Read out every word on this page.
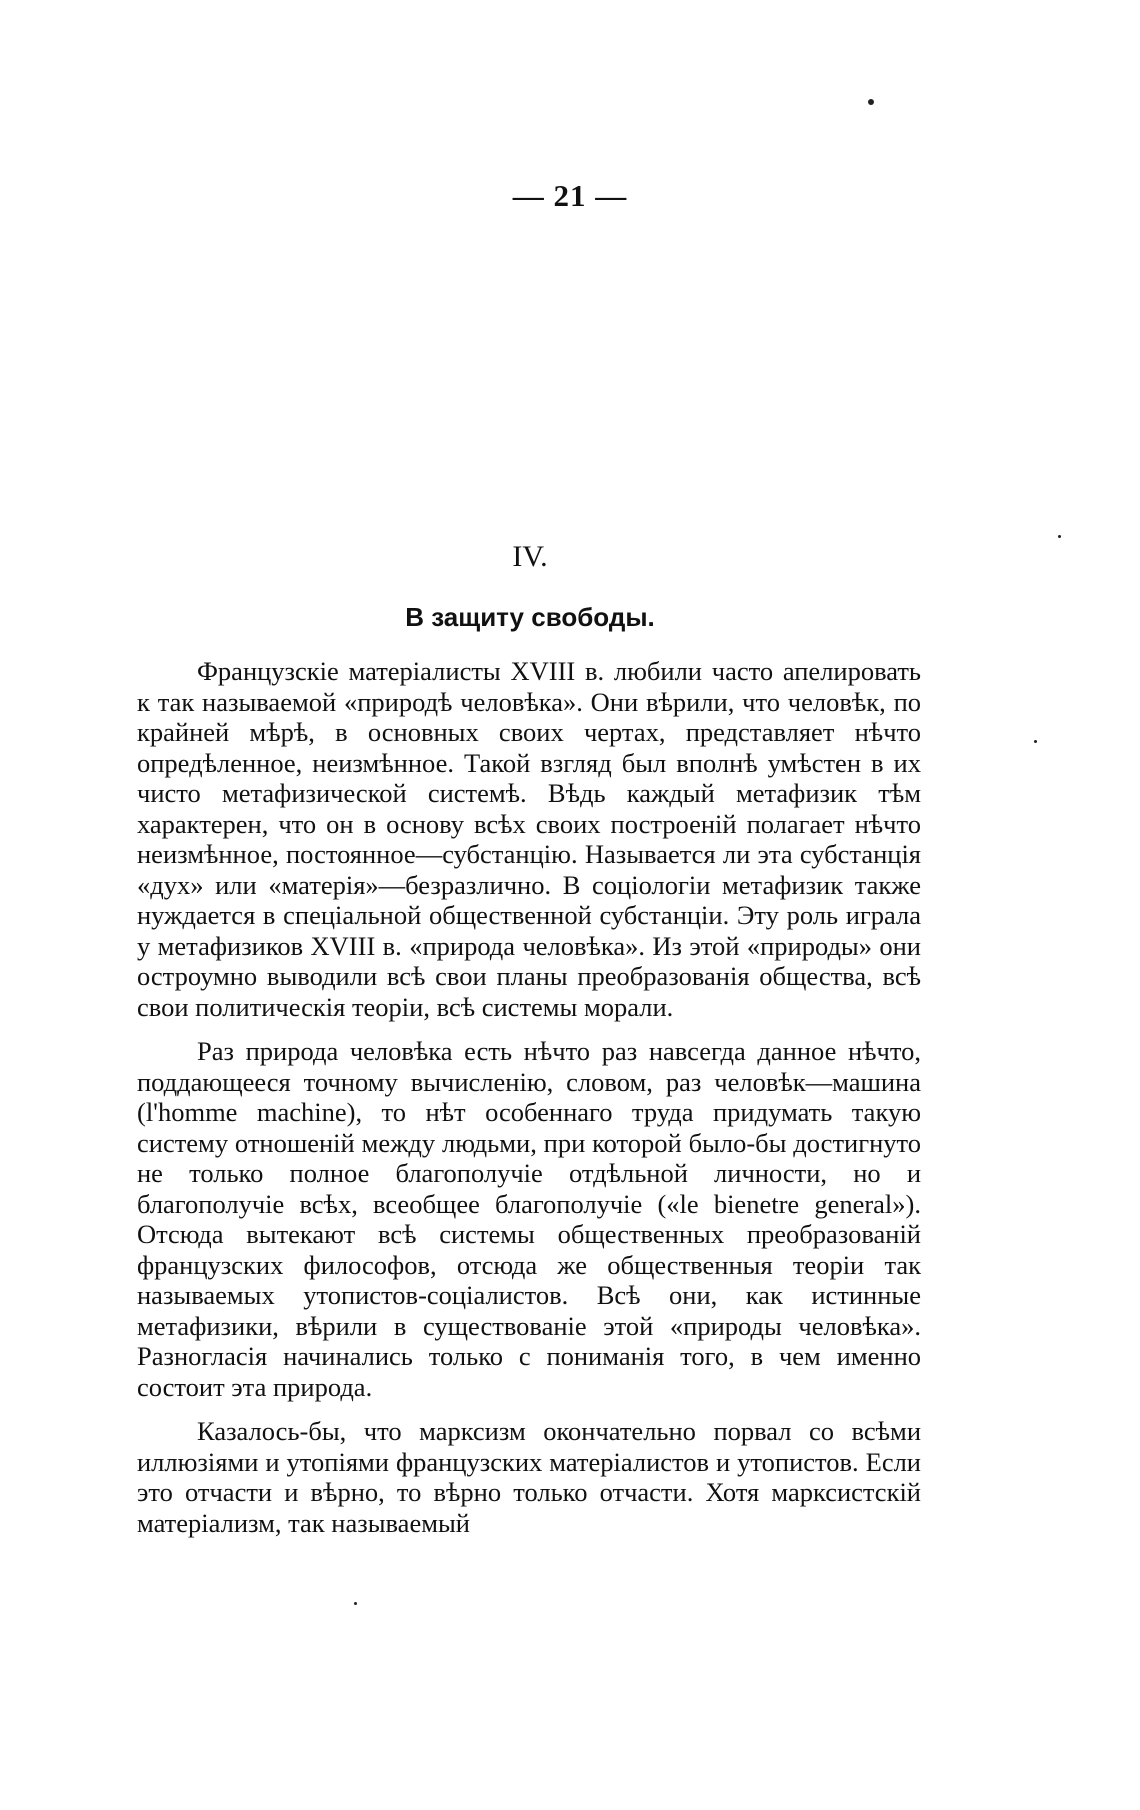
— 21 —
IV.
В защиту свободы.

Французскіе матеріалисты XVIII в. любили часто апелировать к так называемой «природѣ человѣка». Они вѣрили, что человѣк, по крайней мѣрѣ, в основных своих чертах, представляет нѣчто опредѣленное, неизмѣнное. Такой взгляд был вполнѣ умѣстен в их чисто метафизической системѣ. Вѣдь каждый метафизик тѣм характерен, что он в основу всѣх своих построеній полагает нѣчто неизмѣнное, постоянное—субстанцію. Называется ли эта субстанція «дух» или «матерія»—безразлично. В соціологіи метафизик также нуждается в спеціальной общественной субстанціи. Эту роль играла у метафизиков XVIII в. «природа человѣка». Из этой «природы» они остроумно выводили всѣ свои планы преобразованія общества, всѣ свои политическія теоріи, всѣ системы морали.

Раз природа человѣка есть нѣчто раз навсегда данное нѣчто, поддающееся точному вычисленію, словом, раз человѣк—машина (l'homme machine), то нѣт особеннаго труда придумать такую систему отношеній между людьми, при которой было-бы достигнуто не только полное благополучіе отдѣльной личности, но и благополучіе всѣх, всеобщее благополучіе («le bienetre general»). Отсюда вытекают всѣ системы общественных преобразованій французских философов, отсюда же общественныя теоріи так называемых утопистов-соціалистов. Всѣ они, как истинные метафизики, вѣрили в существованіе этой «природы человѣка». Разногласія начинались только с пониманія того, в чем именно состоит эта природа.

Казалось-бы, что марксизм окончательно порвал со всѣми иллюзіями и утопіями французских матеріалистов и утопистов. Если это отчасти и вѣрно, то вѣрно только отчасти. Хотя марксистскій матеріализм, так называемый
